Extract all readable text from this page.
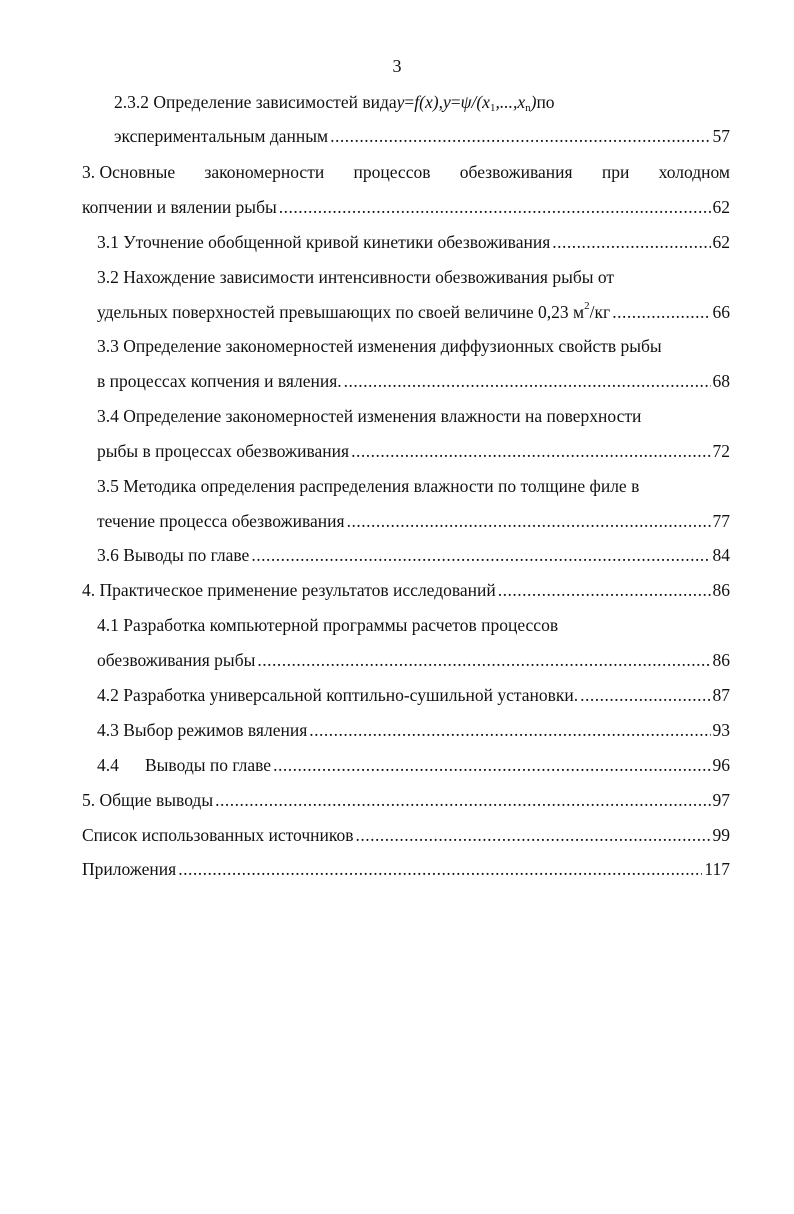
3
2.3.2 Определение зависимостей вида y = f(x) , $y = \psi/(x_1$ $,...,x_n$ ) по
экспериментальным данным .....	57
3. Основные закономерности процессов обезвоживания при холодном
копчении и вялении рыбы .....	62
3.1 Уточнение обобщенной кривой кинетики обезвоживания .....	62
3.2 Нахождение зависимости интенсивности обезвоживания рыбы от
удельных поверхностей превышающих по своей величине 0,23 $м^2/кг$ .....	66
3.3 Определение закономерностей изменения диффузионных свойств рыбы
в процессах копчения и вяления. .....	68
3.4 Определение закономерностей изменения влажности на поверхности
рыбы в процессах обезвоживания .....	72
3.5 Методика определения распределения влажности по толщине филе в
течение процесса обезвоживания .....	77
3.6 Выводы по главе .....	84
4. Практическое применение результатов исследований .....	86
4.1 Разработка компьютерной программы расчетов процессов
обезвоживания рыбы .....	86
4.2 Разработка универсальной коптильно-сушильной установки. .....	87
4.3 Выбор режимов вяления .....	93
4.4 Выводы по главе .....	96
5. Общие выводы .....	97
Список использованных источников .....	99
Приложения .....	117
